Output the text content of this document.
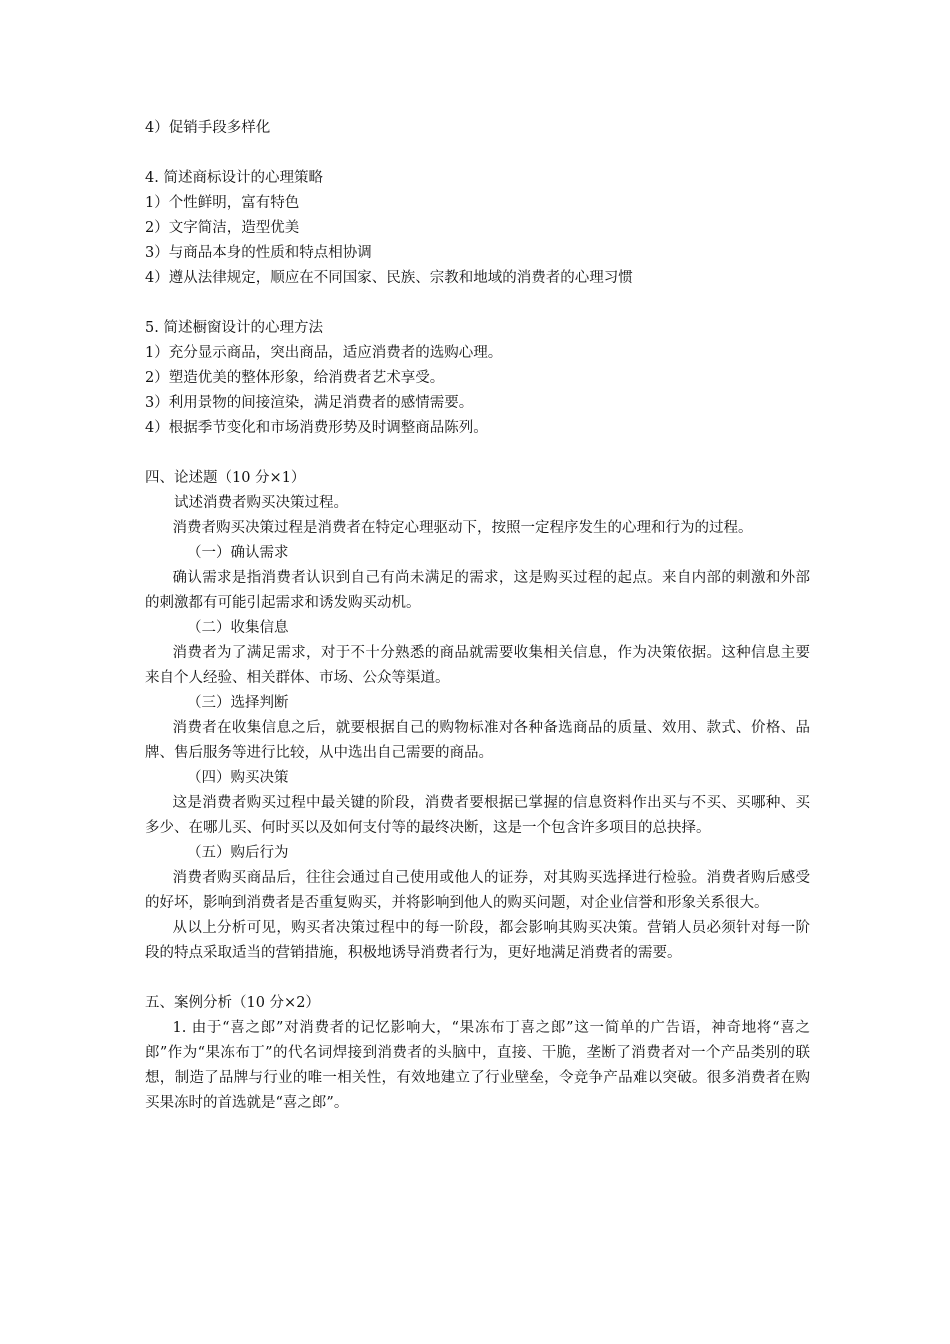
4）促销手段多样化
4. 简述商标设计的心理策略
1）个性鲜明，富有特色
2）文字简洁，造型优美
3）与商品本身的性质和特点相协调
4）遵从法律规定，顺应在不同国家、民族、宗教和地域的消费者的心理习惯
5. 简述橱窗设计的心理方法
1）充分显示商品，突出商品，适应消费者的选购心理。
2）塑造优美的整体形象，给消费者艺术享受。
3）利用景物的间接渲染，满足消费者的感情需要。
4）根据季节变化和市场消费形势及时调整商品陈列。
四、论述题（10 分×1）
试述消费者购买决策过程。

消费者购买决策过程是消费者在特定心理驱动下，按照一定程序发生的心理和行为的过程。

（一）确认需求

确认需求是指消费者认识到自己有尚未满足的需求，这是购买过程的起点。来自内部的刺激和外部的刺激都有可能引起需求和诱发购买动机。

（二）收集信息

消费者为了满足需求，对于不十分熟悉的商品就需要收集相关信息，作为决策依据。这种信息主要来自个人经验、相关群体、市场、公众等渠道。

（三）选择判断

消费者在收集信息之后，就要根据自己的购物标准对各种备选商品的质量、效用、款式、价格、品牌、售后服务等进行比较，从中选出自己需要的商品。

（四）购买决策

这是消费者购买过程中最关键的阶段，消费者要根据已掌握的信息资料作出买与不买、买哪种、买多少、在哪儿买、何时买以及如何支付等的最终决断，这是一个包含许多项目的总抉择。

（五）购后行为

消费者购买商品后，往往会通过自己使用或他人的证券，对其购买选择进行检验。消费者购后感受的好坏，影响到消费者是否重复购买，并将影响到他人的购买问题，对企业信誉和形象关系很大。

从以上分析可见，购买者决策过程中的每一阶段，都会影响其购买决策。营销人员必须针对每一阶段的特点采取适当的营销措施，积极地诱导消费者行为，更好地满足消费者的需要。

五、案例分析（10 分×2）

1. 由于“喜之郎”对消费者的记忆影响大，“果冻布丁喜之郎”这一简单的广告语，神奇地将“喜之郎”作为“果冻布丁”的代名词焊接到消费者的头脑中，直接、干脆，垄断了消费者对一个产品类别的联想，制造了品牌与行业的唯一相关性，有效地建立了行业壁垒，令竞争产品难以突破。很多消费者在购买果冻时的首选就是“喜之郎”。
